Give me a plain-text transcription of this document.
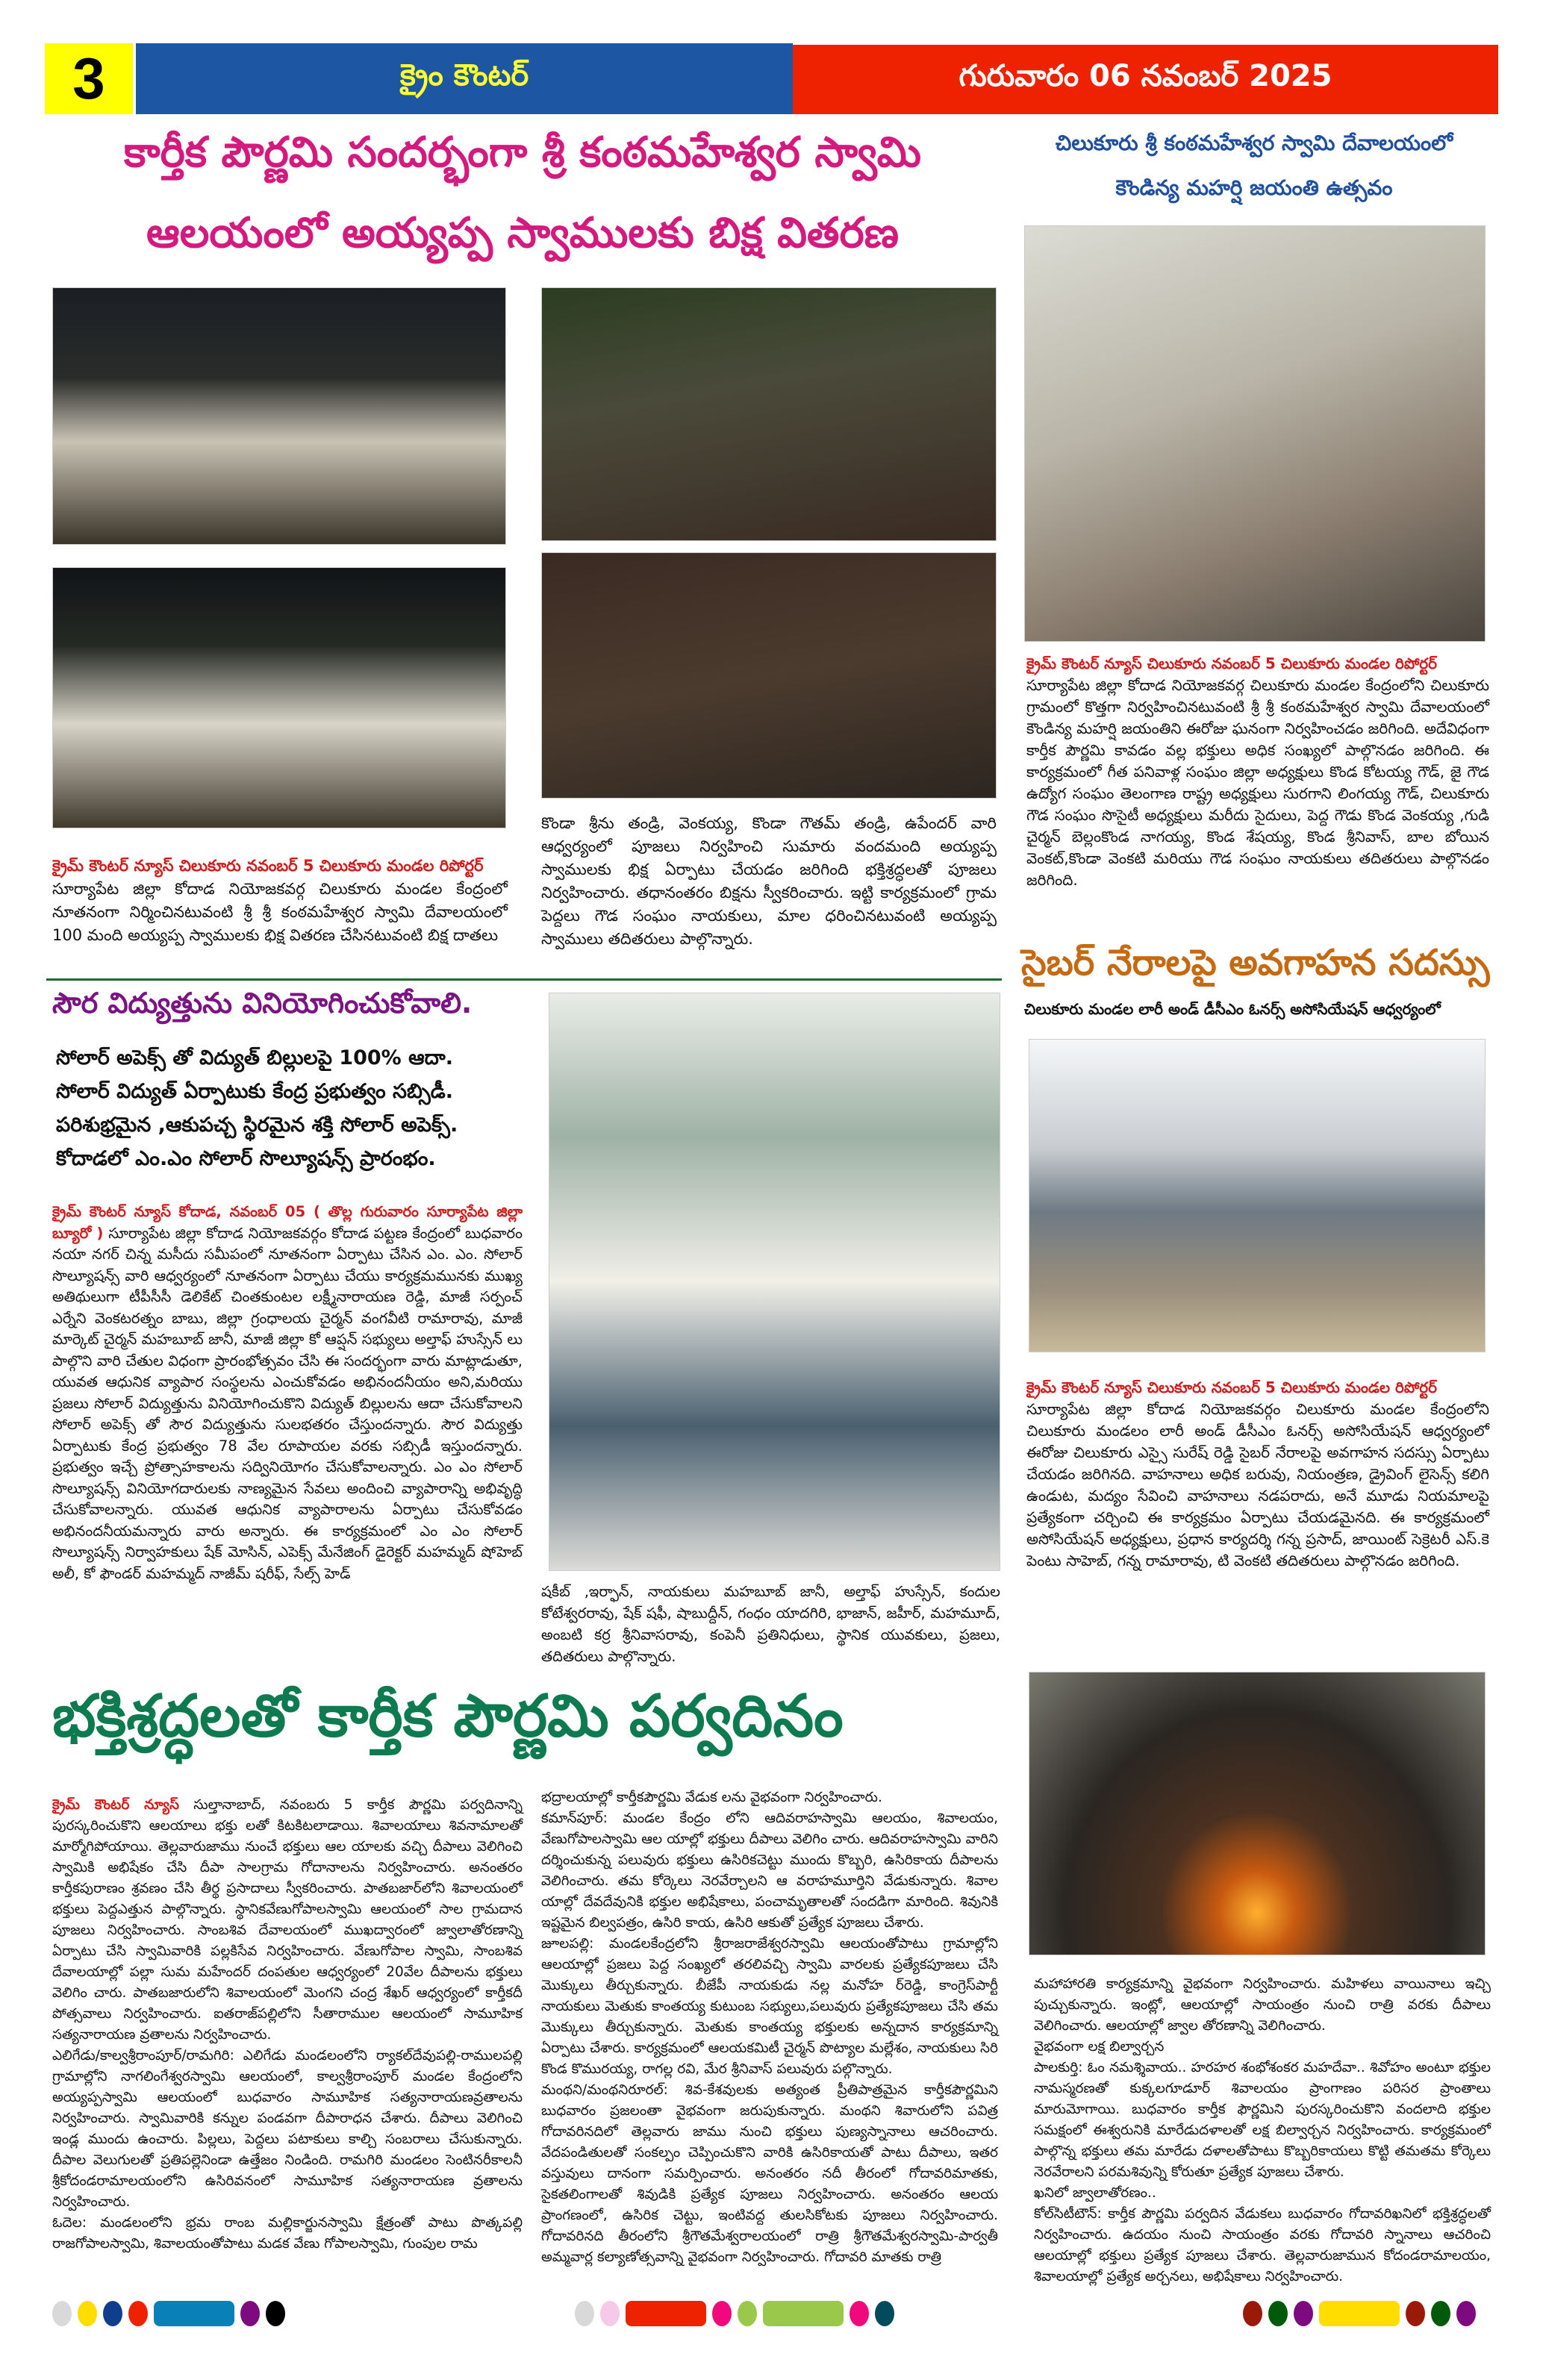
3	క్రైం కౌంటర్	గురువారం 06 నవంబర్ 2025
కార్తీక పౌర్ణమి సందర్భంగా శ్రీ కంఠమహేశ్వర స్వామి
ఆలయంలో అయ్యప్ప స్వాములకు బిక్ష వితరణ
క్రైమ్ కౌంటర్ న్యూస్ చిలుకూరు నవంబర్ 5 చిలుకూరు మండల రిపోర్టర్
సూర్యాపేట జిల్లా కోదాడ నియోజకవర్గ చిలుకూరు మండల కేంద్రంలో నూతనంగా నిర్మించినటువంటి శ్రీ శ్రీ కంఠమహేశ్వర స్వామి దేవాలయంలో 100 మంది అయ్యప్ప స్వాములకు భిక్ష వితరణ చేసినటువంటి బిక్ష దాతలు
కొండా శ్రీను తండ్రి, వెంకయ్య, కొండా గౌతమ్ తండ్రి, ఉపేందర్ వారి ఆధ్వర్యంలో పూజలు నిర్వహించి సుమారు వందమంది అయ్యప్ప స్వాములకు భిక్ష ఏర్పాటు చేయడం జరిగింది భక్తిశ్రద్ధలతో పూజలు నిర్వహించారు. తధానంతరం బిక్షను స్వీకరించారు. ఇట్టి కార్యక్రమంలో గ్రామ పెద్దలు గౌడ సంఘం నాయకులు, మాల ధరించినటువంటి అయ్యప్ప స్వాములు తదితరులు పాల్గొన్నారు.
చిలుకూరు శ్రీ కంఠమహేశ్వర స్వామి దేవాలయంలో
కౌండిన్య మహర్షి జయంతి ఉత్సవం
క్రైమ్ కౌంటర్ న్యూస్ చిలుకూరు నవంబర్ 5 చిలుకూరు మండల రిపోర్టర్
సూర్యాపేట జిల్లా కోదాడ నియోజకవర్గ చిలుకూరు మండల కేంద్రంలోని చిలుకూరు గ్రామంలో కొత్తగా నిర్వహించినటువంటి శ్రీ శ్రీ కంఠమహేశ్వర స్వామి దేవాలయంలో కౌండిన్య మహర్షి జయంతిని ఈరోజు ఘనంగా నిర్వహించడం జరిగింది. అదేవిధంగా కార్తీక పౌర్ణమి కావడం వల్ల భక్తులు అధిక సంఖ్యలో పాల్గొనడం జరిగింది. ఈ కార్యక్రమంలో గీత పనివాళ్ల సంఘం జిల్లా అధ్యక్షులు కొండ కోటయ్య గౌడ్, జై గౌడ ఉద్యోగ సంఘం తెలంగాణ రాష్ట్ర అధ్యక్షులు సురగాని లింగయ్య గౌడ్, చిలుకూరు గౌడ సంఘం సొసైటీ అధ్యక్షులు మరీదు సైదులు, పెద్ద గౌడు కొండ వెంకయ్య ,గుడి చైర్మన్ బెల్లంకొండ నాగయ్య, కొండ శేషయ్య, కొండ శ్రీనివాస్, బాల బోయిన వెంకట్,కొండా వెంకటి మరియు గౌడ సంఘం నాయకులు తదితరులు పాల్గొనడం జరిగింది.
సౌర విద్యుత్తును వినియోగించుకోవాలి.
సోలార్ అపెక్స్ తో విద్యుత్ బిల్లులపై 100% ఆదా.
సోలార్ విద్యుత్ ఏర్పాటుకు కేంద్ర ప్రభుత్వం సబ్సిడీ.
పరిశుభ్రమైన ,ఆకుపచ్చ స్థిరమైన శక్తి సోలార్ అపెక్స్.
కోదాడలో ఎం.ఎం సోలార్ సొల్యూషన్స్ ప్రారంభం.
క్రైమ్ కౌంటర్ న్యూస్ కోదాడ, నవంబర్ 05 ( తొల్ల గురువారం సూర్యాపేట జిల్లా బ్యూరో ) సూర్యాపేట జిల్లా కోదాడ నియోజకవర్గం కోదాడ పట్టణ కేంద్రంలో బుధవారం నయా నగర్ చిన్న మసీదు సమీపంలో నూతనంగా ఏర్పాటు చేసిన ఎం. ఎం. సోలార్ సొల్యూషన్స్ వారి ఆధ్వర్యంలో నూతనంగా ఏర్పాటు చేయు కార్యక్రమమునకు ముఖ్య అతిథులుగా టీపీసీసీ డెలికేట్ చింతకుంటల లక్ష్మీనారాయణ రెడ్డి, మాజీ సర్పంచ్ ఎర్నేని వెంకటరత్నం బాబు, జిల్లా గ్రంధాలయ చైర్మన్ వంగవీటి రామారావు, మాజీ మార్కెట్ చైర్మన్ మహబూబ్ జానీ, మాజీ జిల్లా కో ఆప్షన్ సభ్యులు అల్తాఫ్ హుస్సేన్ లు పాల్గొని వారి చేతుల విధంగా ప్రారంభోత్సవం చేసి ఈ సందర్భంగా వారు మాట్లాడుతూ, యువత ఆధునిక వ్యాపార సంస్థలను ఎంచుకోవడం అభినందనీయం అని,మరియు ప్రజలు సోలార్ విద్యుత్తును వినియోగించుకొని విద్యుత్ బిల్లులను ఆదా చేసుకోవాలని సోలార్ అపెక్స్ తో సౌర విద్యుత్తును సులభతరం చేస్తుందన్నారు. సౌర విద్యుత్తు ఏర్పాటుకు కేంద్ర ప్రభుత్వం 78 వేల రూపాయల వరకు సబ్సిడీ ఇస్తుందన్నారు. ప్రభుత్వం ఇచ్చే ప్రోత్సాహకాలను సద్వినియోగం చేసుకోవాలన్నారు. ఎం ఎం సోలార్ సొల్యూషన్స్ వినియోగదారులకు నాణ్యమైన సేవలు అందించి వ్యాపారాన్ని అభివృద్ధి చేసుకోవాలన్నారు. యువత ఆధునిక వ్యాపారాలను ఏర్పాటు చేసుకోవడం అభినందనీయమన్నారు వారు అన్నారు. ఈ కార్యక్రమంలో ఎం ఎం సోలార్ సొల్యూషన్స్ నిర్వాహకులు షేక్ మోసిన్, ఎపెక్స్ మేనేజింగ్ డైరెక్టర్ మహమ్మద్ షోహెబ్ అలీ, కో ఫౌండర్ మహమ్మద్ నాజీమ్ షరీఫ్, సేల్స్ హెడ్
షకీబ్ ,ఇర్ఫాన్, నాయకులు మహబూబ్ జానీ, అల్తాఫ్ హుస్సేన్, కందుల కోటేశ్వరరావు, షేక్ షఫీ, షాబుద్దీన్, గంధం యాదగిరి, భాజాన్, జహీర్, మహమూద్, అంబటి కర్ర శ్రీనివాసరావు, కంపెనీ ప్రతినిధులు, స్థానిక యువకులు, ప్రజలు, తదితరులు పాల్గొన్నారు.
సైబర్ నేరాలపై అవగాహన సదస్సు
చిలుకూరు మండల లారీ అండ్ డీసీఎం ఓనర్స్ అసోసియేషన్ ఆధ్వర్యంలో
క్రైమ్ కౌంటర్ న్యూస్ చిలుకూరు నవంబర్ 5 చిలుకూరు మండల రిపోర్టర్
సూర్యాపేట జిల్లా కోదాడ నియోజకవర్గం చిలుకూరు మండల కేంద్రంలోని చిలుకూరు మండలం లారీ అండ్ డీసీఎం ఓనర్స్ అసోసియేషన్ ఆధ్వర్యంలో ఈరోజు చిలుకూరు ఎస్సై సురేష్ రెడ్డి సైబర్ నేరాలపై అవగాహన సదస్సు ఏర్పాటు చేయడం జరిగినది. వాహనాలు అధిక బరువు, నియంత్రణ, డ్రైవింగ్ లైసెన్స్ కలిగి ఉండుట, మద్యం సేవించి వాహనాలు నడపరాదు, అనే మూడు నియమాలపై ప్రత్యేకంగా చర్చించి ఈ కార్యక్రమం ఏర్పాటు చేయడమైనది. ఈ కార్యక్రమంలో అసోసియేషన్ అధ్యక్షులు, ప్రధాన కార్యదర్శి గన్న ప్రసాద్, జాయింట్ సెక్రెటరీ ఎస్.కె పెంటు సాహెబ్, గన్న రామారావు, టి వెంకటి తదితరులు పాల్గొనడం జరిగింది.
భక్తిశ్రద్ధలతో కార్తీక పౌర్ణమి పర్వదినం

క్రైమ్ కౌంటర్ న్యూస్ సుల్తానాబాద్, నవంబరు 5 కార్తీక పౌర్ణమి పర్వదినాన్ని పురస్కరించుకొని ఆలయాలు భక్తు లతో కిటకిటలాడాయి. శివాలయాలు శివనామాలతో మార్మోగిపోయాయి. తెల్లవారుజాము నుంచే భక్తులు ఆల యాలకు వచ్చి దీపాలు వెలిగించి స్వామికి అభిషేకం చేసి దీపా సాలగ్రామ గోదానాలను నిర్వహించారు. అనంతరం కార్తీకపురాణం శ్రవణం చేసి తీర్థ ప్రసాదాలు స్వీకరించారు. పాతబజార్‌లోని శివాలయంలో భక్తులు పెద్దఎత్తున పాల్గొన్నారు. స్థానికవేణుగోపాలస్వామి ఆలయంలో సాల గ్రామదాన పూజలు నిర్వహించారు. సాంబశివ దేవాలయంలో ముఖద్వారంలో జ్వాలాతోరణాన్ని ఏర్పాటు చేసి స్వామివారికి పల్లకిసేవ నిర్వహించారు. వేణుగోపాల స్వామి, సాంబశివ దేవాలయాల్లో పల్లా సుమ మహేందర్ దంపతుల ఆధ్వర్యంలో 20వేల దీపాలను భక్తులు వెలిగిం చారు. పాతబజారులోని శివాలయంలో మెంగని చంద్ర శేఖర్ ఆధ్వర్యంలో కార్తీకదీ పోత్సవాలు నిర్వహించారు. ఐతరాజ్‌పల్లిలోని సీతారాముల ఆలయంలో సామూహిక సత్యనారాయణ వ్రతాలను నిర్వహించారు.

ఎలిగేడు/కాల్వశ్రీరాంపూర్/రామగిరి: ఎలిగేడు మండలంలోని ర్యాకల్‌దేవుపల్లి-రాములపల్లి గ్రామాల్లోని నాగలింగేశ్వరస్వామి ఆలయంలో, కాల్వశ్రీరాంపూర్ మండల కేంద్రంలోని అయ్యప్పస్వామి ఆలయంలో బుధవారం సామూహిక సత్యనారాయణవ్రతాలను నిర్వహించారు. స్వామివారికి కన్నుల పండవగా దీపారాధన చేశారు. దీపాలు వెలిగించి ఇండ్ల ముందు ఉంచారు. పిల్లలు, పెద్దలు పటాకులు కాల్చి సంబరాలు చేసుకున్నారు. దీపాల వెలుగులతో ప్రతిపల్లెనిండా ఉత్తేజం నిండింది. రామగిరి మండలం సెంటినరీకాలనీ శ్రీకోదండరామాలయంలోని ఉసిరివనంలో సామూహిక సత్యనారాయణ వ్రతాలను నిర్వహించారు.

ఓదెల: మండలంలోని భ్రమ రాంబ మల్లికార్జునస్వామి క్షేత్రంతో పాటు పొత్కపల్లి రాజగోపాలస్వామి, శివాలయంతోపాటు మడక వేణు గోపాలస్వామి, గుంపుల రామ

భద్రాలయాల్లో కార్తీకపౌర్ణమి వేడుక లను వైభవంగా నిర్వహించారు.

కమాన్‌పూర్: మండల కేంద్రం లోని ఆదివరాహస్వామి ఆలయం, శివాలయం, వేణుగోపాలస్వామి ఆల యాల్లో భక్తులు దీపాలు వెలిగిం చారు. ఆదివరాహస్వామి వారిని దర్శించుకున్న పలువురు భక్తులు ఉసిరికచెట్టు ముందు కొబ్బరి, ఉసిరికాయ దీపాలను వెలిగించారు. తమ కోర్కెలు నెరవేర్చాలని ఆ వరాహమూర్తిని వేడుకున్నారు. శివాల యాల్లో దేవదేవునికి భక్తుల అభిషేకాలు, పంచామృతాలతో సందడిగా మారింది. శివునికి ఇష్టమైన బిల్వపత్రం, ఉసిరి కాయ, ఉసిరి ఆకుతో ప్రత్యేక పూజలు చేశారు.

జూలపల్లి: మండలకేంద్రలోని శ్రీరాజరాజేశ్వరస్వామి ఆలయంతోపాటు గ్రామాల్లోని ఆలయాల్లో ప్రజలు పెద్ద సంఖ్యలో తరలివచ్చి స్వామి వారలకు ప్రత్యేకపూజలు చేసి మొక్కులు తీర్చుకున్నారు. బీజేపీ నాయకుడు నల్ల మనోహ ర్‌రెడ్డి, కాంగ్రెస్‌పార్టీ నాయకులు మెతుకు కాంతయ్య కుటుంబ సభ్యులు,పలువురు ప్రత్యేకపూజలు చేసి తమ మొక్కులు తీర్చుకున్నారు. మెతుకు కాంతయ్య భక్తులకు అన్నదాన కార్యక్రమాన్ని ఏర్పాటు చేశారు. కార్యక్రమంలో ఆలయకమిటీ చైర్మన్ పొట్యాల మల్లేశం, నాయకులు సిరి కొండ కొమురయ్య, రాగల్ల రవి, మేర శ్రీనివాస్ పలువురు పల్గొన్నారు.

మంథని/మంథనిరూరల్: శివ-కేశవులకు అత్యంత ప్రీతిపాత్రమైన కార్తీకపౌర్ణమిని బుధవారం ప్రజలంతా వైభవంగా జరుపుకున్నారు. మంథని శివారులోని పవిత్ర గోదావరినదిలో తెల్లవారు జాము నుంచి భక్తులు పుణ్యస్నానాలు ఆచరించారు. వేదపండితులతో సంకల్పం చెప్పించుకొని వారికి ఉసిరికాయతో పాటు దీపాలు, ఇతర వస్తువులు దానంగా సమర్పించారు. అనంతరం నదీ తీరంలో గోదావరిమాతకు, సైకతలింగాలతో శివుడికి ప్రత్యేక పూజలు నిర్వహించారు. అనంతరం ఆలయ ప్రాంగణంలో, ఉసిరిక చెట్టు, ఇంటివద్ద తులసికోటకు పూజలు నిర్వహించారు. గోదావరినది తీరంలోని శ్రీగౌతమేశ్వరాలయంలో రాత్రి శ్రీగౌతమేశ్వరస్వామి-పార్వతీ అమ్మవార్ల కల్యాణోత్సవాన్ని వైభవంగా నిర్వహించారు. గోదావరి మాతకు రాత్రి

మహాహారతి కార్యక్రమాన్ని వైభవంగా నిర్వహించారు. మహిళలు వాయినాలు ఇచ్చి పుచ్చుకున్నారు. ఇంట్లో, ఆలయాల్లో సాయంత్రం నుంచి రాత్రి వరకు దీపాలు వెలిగించారు. ఆలయాల్లో జ్వాల తోరణాన్ని వెలిగించారు.

వైభవంగా లక్ష బిల్వార్చన

పాలకుర్తి: ఓం నమశ్శివాయ.. హరహర శంభోశంకర మహదేవా.. శివోహం అంటూ భక్తుల నామస్మరణతో కుక్కలగూడూర్ శివాలయం ప్రాంగాణం పరిసర ప్రాంతాలు మారుమోగాయి. బుధవారం కార్తీక ఫౌర్ణమిని పురస్కరించుకొని వందలాది భక్తుల సమక్షంలో ఈశ్వరునికి మారేడుదళాలతో లక్ష బిల్వార్చన నిర్వహించారు. కార్యక్రమంలో పాల్గొన్న భక్తులు తమ మారేడు దళాలతోపాటు కొబ్బరికాయలు కొట్టి తమతమ కోర్కెలు నెరవేరాలని పరమశివున్ని కోరుతూ ప్రత్యేక పూజలు చేశారు.

ఖనిలో జ్వాలాతోరణం..

కోల్‌సిటీటౌన్: కార్తీక పౌర్ణమి పర్వదిన వేడుకలు బుధవారం గోదావరిఖనిలో భక్తిశ్రద్ధలతో నిర్వహించారు. ఉదయం నుంచి సాయంత్రం వరకు గోదావరి స్నానాలు ఆచరించి ఆలయాల్లో భక్తులు ప్రత్యేక పూజలు చేశారు. తెల్లవారుజామున కోదండరామాలయం, శివాలయాల్లో ప్రత్యేక అర్చనలు, అభిషేకాలు నిర్వహించారు.
